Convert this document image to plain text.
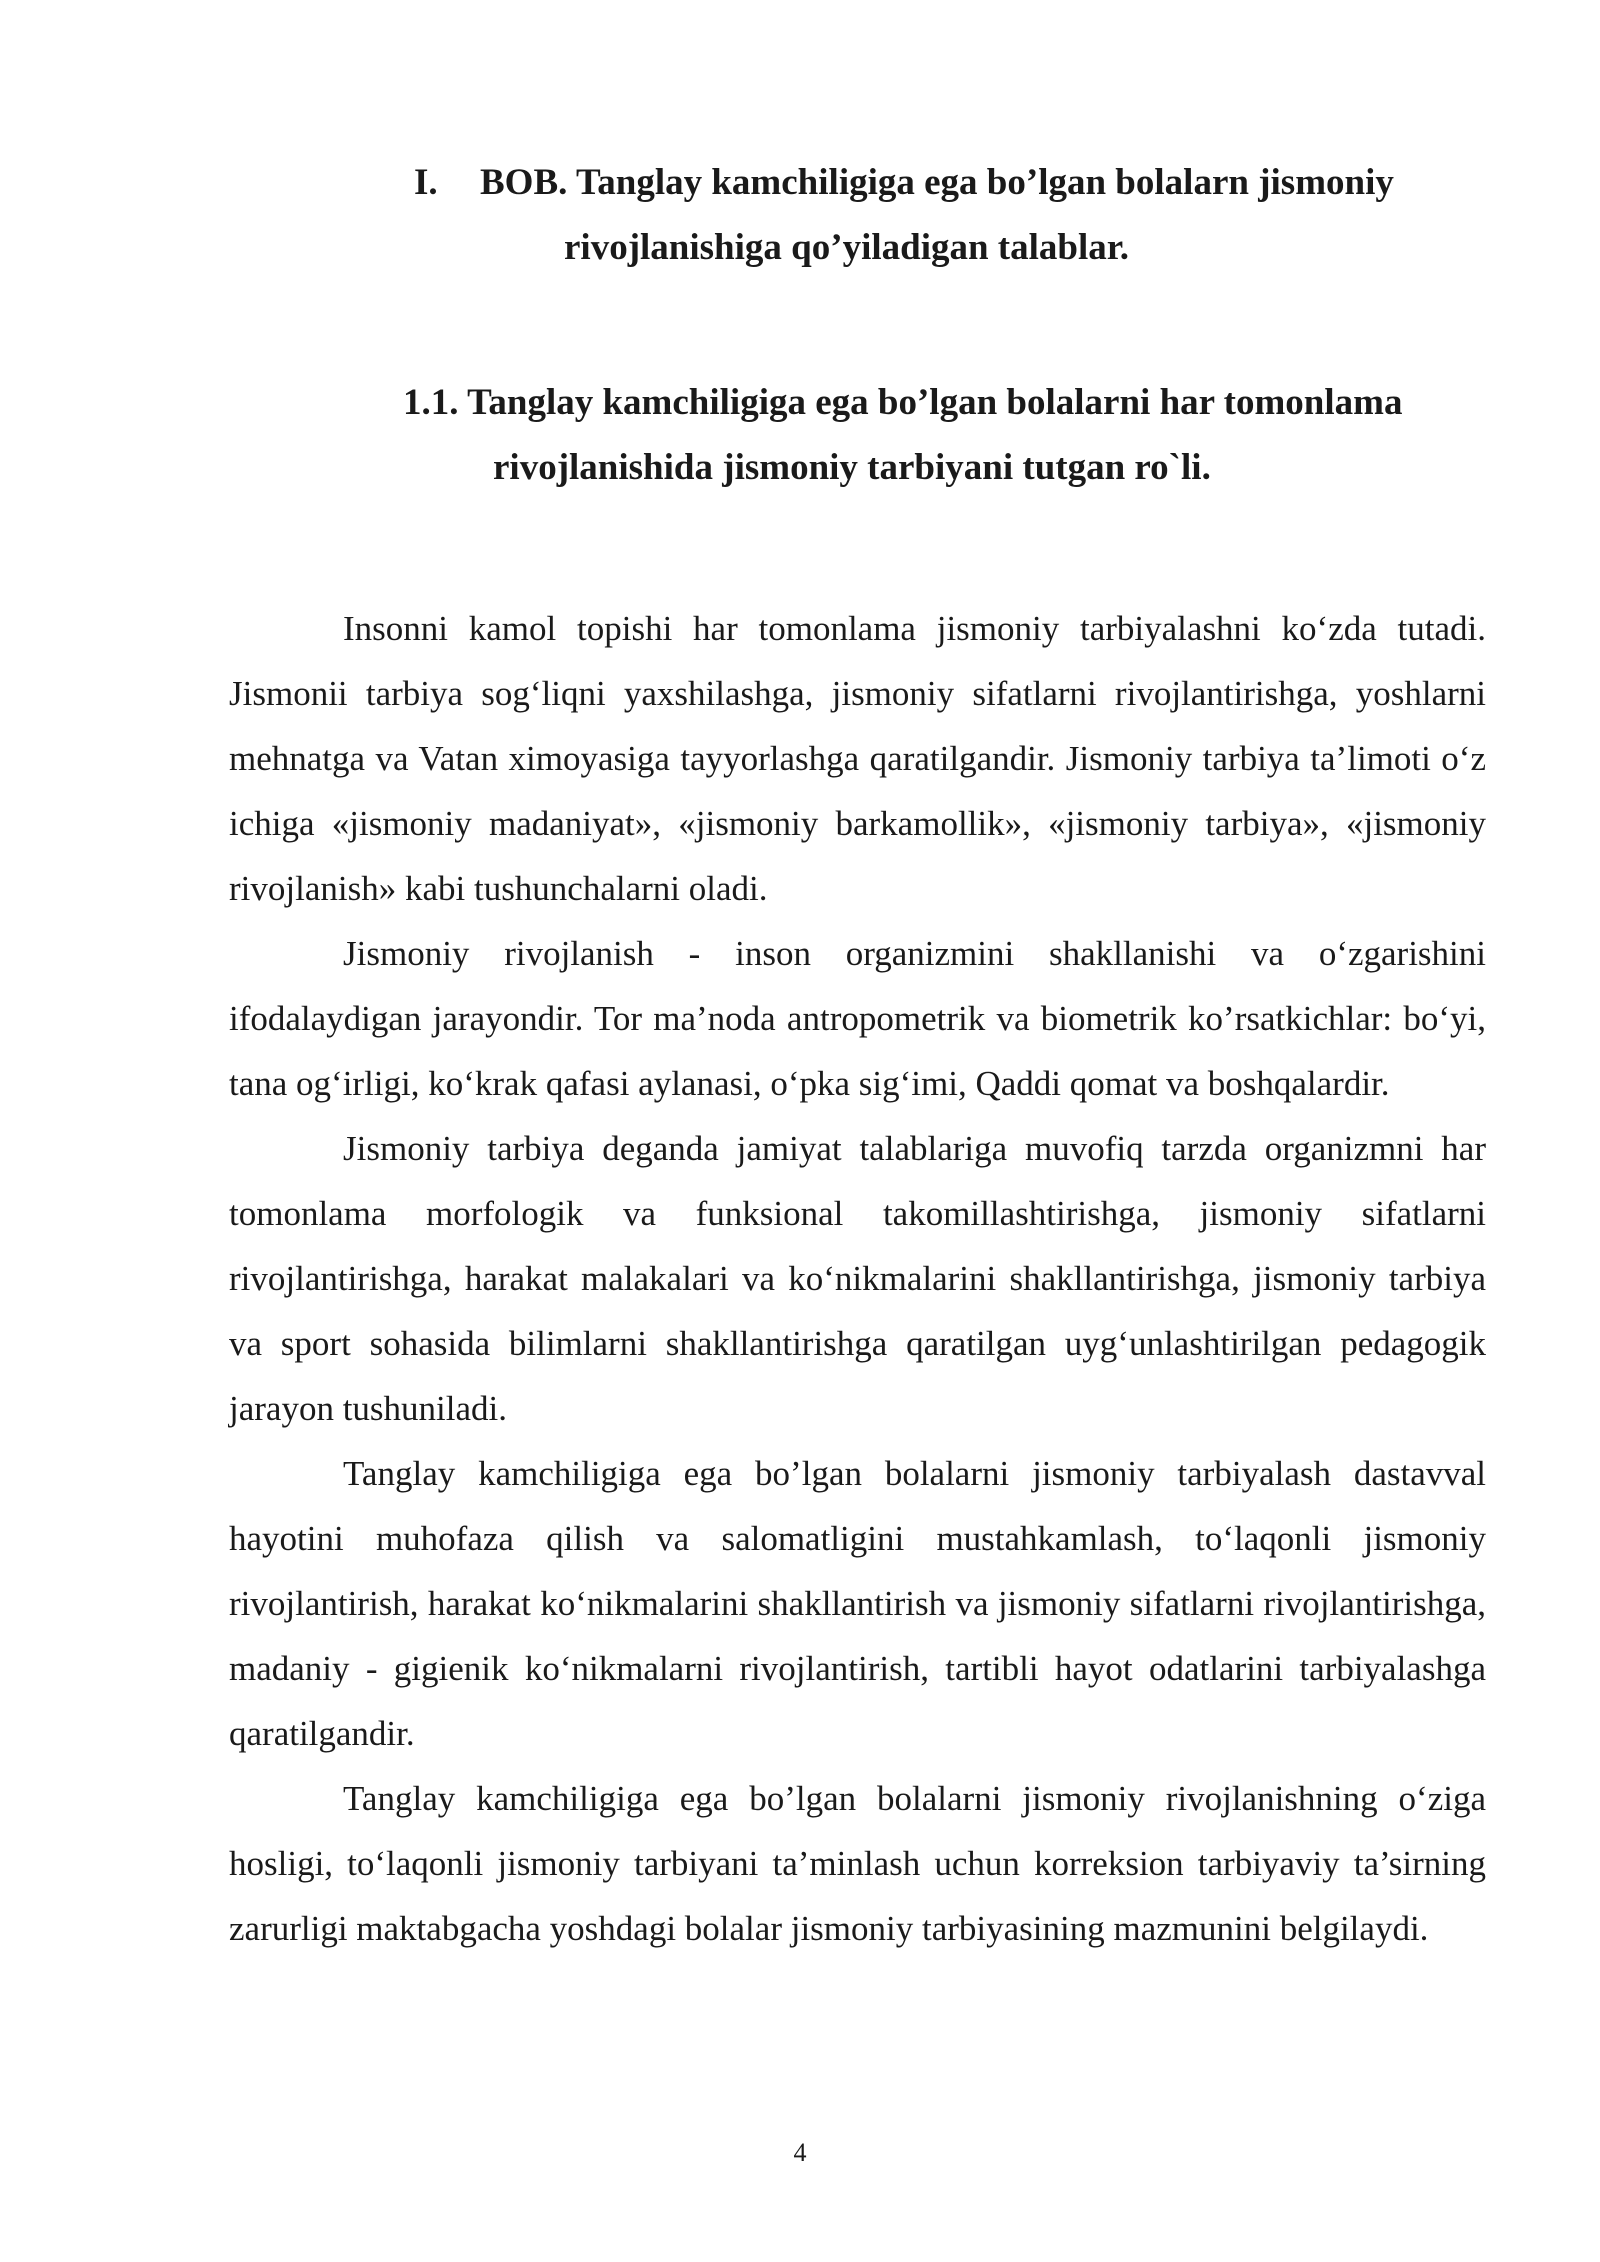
I.	BOB. Tanglay kamchiligiga ega bo’lgan bolalarn jismoniy
rivojlanishiga qo’yiladigan talablar.
1.1. Tanglay kamchiligiga ega bo’lgan bolalarni har tomonlama
rivojlanishida jismoniy tarbiyani tutgan ro`li.

Insonni kamol topishi har tomonlama jismoniy tarbiyalashni ko‘zda tutadi. Jismonii tarbiya sog‘liqni yaxshilashga, jismoniy sifatlarni rivojlantirishga, yoshlarni mehnatga va Vatan ximoyasiga tayyorlashga qaratilgandir. Jismoniy tarbiya ta’limoti o‘z ichiga «jismoniy madaniyat», «jismoniy barkamollik», «jismoniy tarbiya», «jismoniy rivojlanish» kabi tushunchalarni oladi.

Jismoniy rivojlanish - inson organizmini shakllanishi va o‘zgarishini ifodalaydigan jarayondir. Tor ma’noda antropometrik va biometrik ko’rsatkichlar: bo‘yi, tana og‘irligi, ko‘krak qafasi aylanasi, o‘pka sig‘imi, Qaddi qomat va boshqalardir.

Jismoniy tarbiya deganda jamiyat talablariga muvofiq tarzda organizmni har tomonlama morfologik va funksional takomillashtirishga, jismoniy sifatlarni rivojlantirishga, harakat malakalari va ko‘nikmalarini shakllantirishga, jismoniy tarbiya va sport sohasida bilimlarni shakllantirishga qaratilgan uyg‘unlashtirilgan pedagogik jarayon tushuniladi.

Tanglay kamchiligiga ega bo’lgan bolalarni jismoniy tarbiyalash dastavval hayotini muhofaza qilish va salomatligini mustahkamlash, to‘laqonli jismoniy rivojlantirish, harakat ko‘nikmalarini shakllantirish va jismoniy sifatlarni rivojlantirishga, madaniy - gigienik ko‘nikmalarni rivojlantirish, tartibli hayot odatlarini tarbiyalashga qaratilgandir.

Tanglay kamchiligiga ega bo’lgan bolalarni jismoniy rivojlanishning o‘ziga hosligi, to‘laqonli jismoniy tarbiyani ta’minlash uchun korreksion tarbiyaviy ta’sirning zarurligi maktabgacha yoshdagi bolalar jismoniy tarbiyasining mazmunini belgilaydi.

4
